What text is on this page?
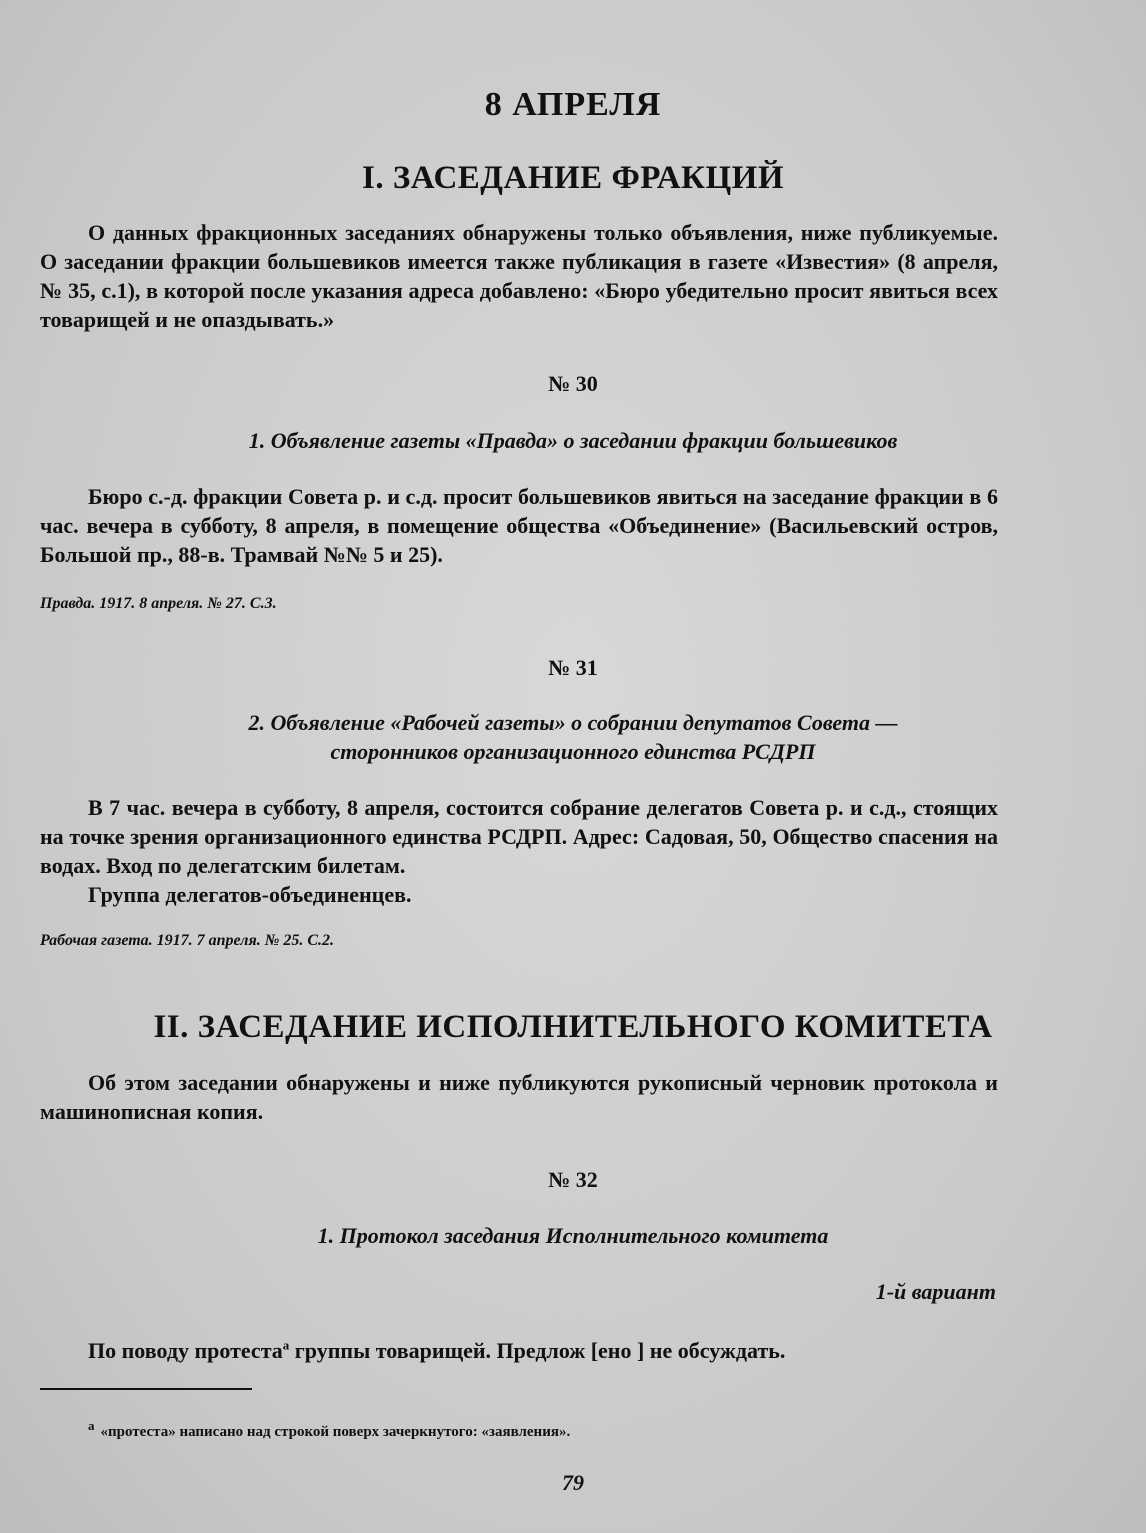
8 АПРЕЛЯ
I. ЗАСЕДАНИЕ ФРАКЦИЙ

О данных фракционных заседаниях обнаружены только объявления, ниже публикуемые. О заседании фракции большевиков имеется также публикация в газете «Известия» (8 апреля, № 35, с.1), в которой после указания адреса добавлено: «Бюро убедительно просит явиться всех товарищей и не опаздывать.»

№ 30
1. Объявление газеты «Правда» о заседании фракции большевиков

Бюро с.-д. фракции Совета р. и с.д. просит большевиков явиться на заседание фракции в 6 час. вечера в субботу, 8 апреля, в помещение общества «Объединение» (Васильевский остров, Большой пр., 88-в. Трамвай №№ 5 и 25).

Правда. 1917. 8 апреля. № 27. С.3.
№ 31
2. Объявление «Рабочей газеты» о собрании депутатов Совета —
сторонников организационного единства РСДРП

В 7 час. вечера в субботу, 8 апреля, состоится собрание делегатов Совета р. и с.д., стоящих на точке зрения организационного единства РСДРП. Адрес: Садовая, 50, Общество спасения на водах. Вход по делегатским билетам.

Группа делегатов-объединенцев.

Рабочая газета. 1917. 7 апреля. № 25. С.2.
II. ЗАСЕДАНИЕ ИСПОЛНИТЕЛЬНОГО КОМИТЕТА

Об этом заседании обнаружены и ниже публикуются рукописный черновик протокола и машинописная копия.

№ 32
1. Протокол заседания Исполнительного комитета
1-й вариант

По поводу протеста$^а$ группы товарищей. Предлож [ено ] не обсуждать.

а «протеста» написано над строкой поверх зачеркнутого: «заявления».
79
